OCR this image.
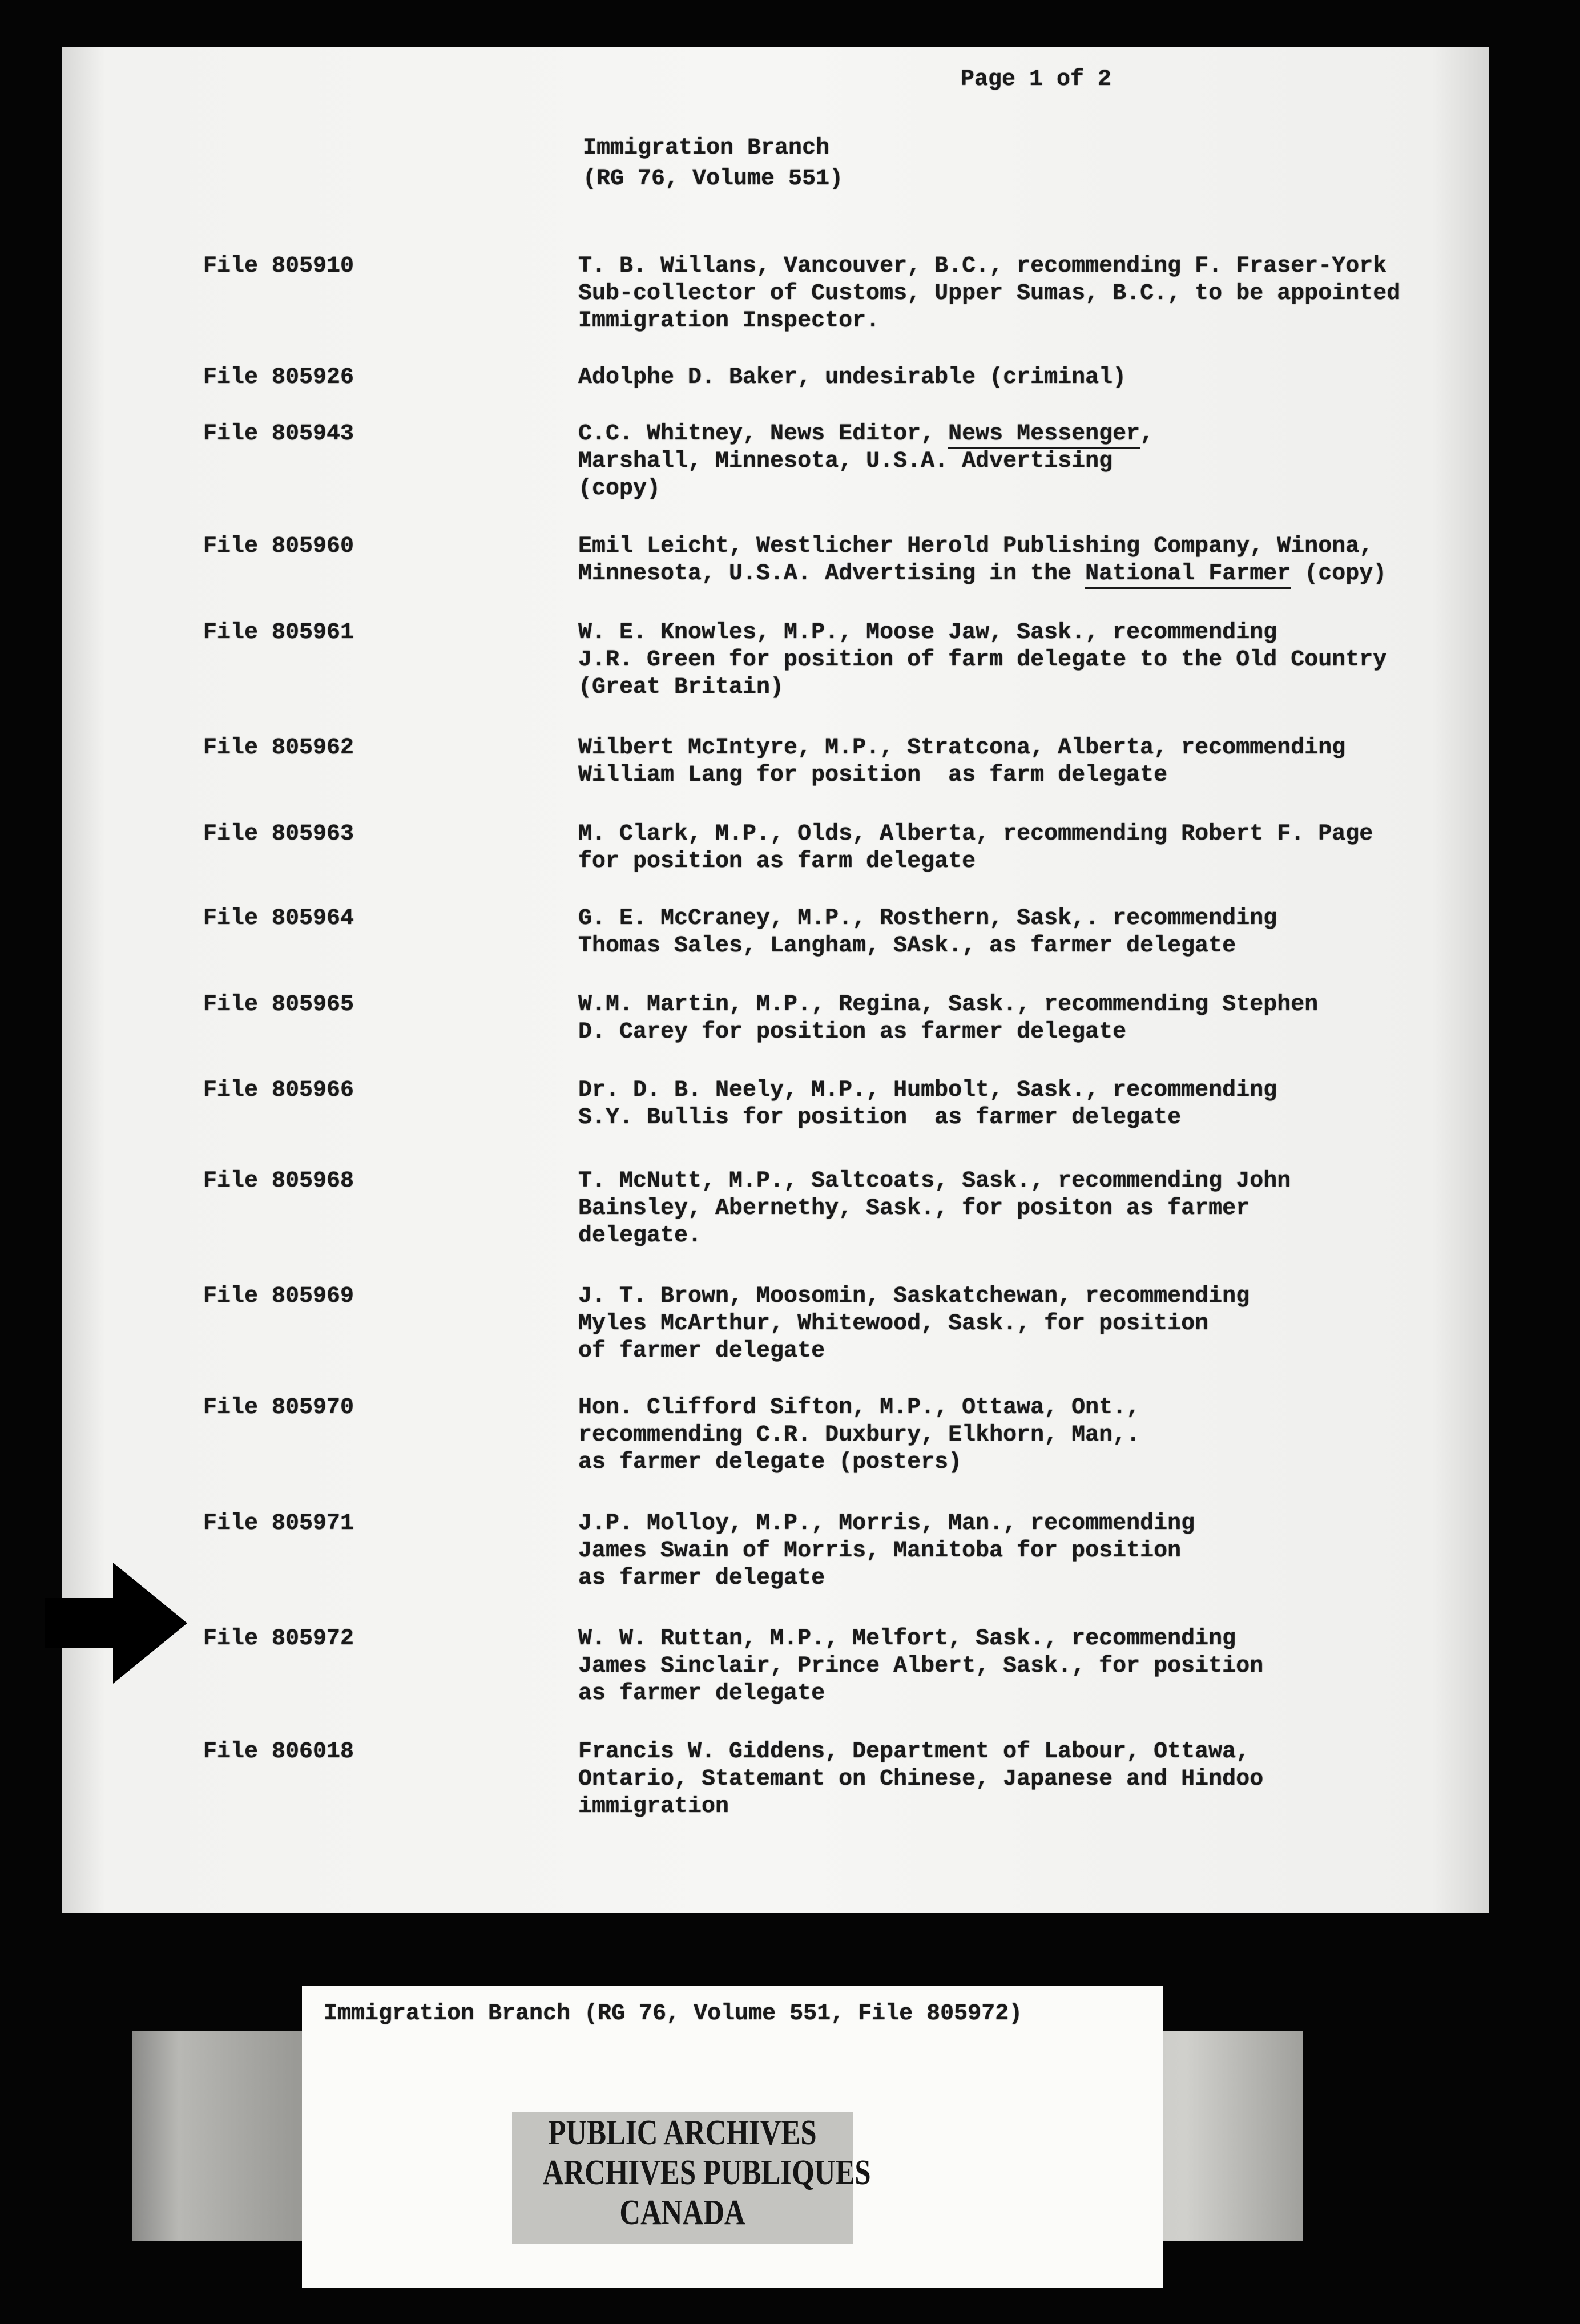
Page 1 of 2
Immigration Branch
(RG 76, Volume 551)
File 805910	T. B. Willans, Vancouver, B.C., recommending F. Fraser-York
Sub-collector of Customs, Upper Sumas, B.C., to be appointed
Immigration Inspector.
File 805926	Adolphe D. Baker, undesirable (criminal)
File 805943	C.C. Whitney, News Editor, News Messenger,
Marshall, Minnesota, U.S.A. Advertising
(copy)
File 805960	Emil Leicht, Westlicher Herold Publishing Company, Winona,
Minnesota, U.S.A. Advertising in the National Farmer (copy)
File 805961	W. E. Knowles, M.P., Moose Jaw, Sask., recommending
J.R. Green for position of farm delegate to the Old Country
(Great Britain)
File 805962	Wilbert McIntyre, M.P., Stratcona, Alberta, recommending
William Lang for position  as farm delegate
File 805963	M. Clark, M.P., Olds, Alberta, recommending Robert F. Page
for position as farm delegate
File 805964	G. E. McCraney, M.P., Rosthern, Sask,. recommending
Thomas Sales, Langham, SAsk., as farmer delegate
File 805965	W.M. Martin, M.P., Regina, Sask., recommending Stephen
D. Carey for position as farmer delegate
File 805966	Dr. D. B. Neely, M.P., Humbolt, Sask., recommending
S.Y. Bullis for position  as farmer delegate
File 805968	T. McNutt, M.P., Saltcoats, Sask., recommending John
Bainsley, Abernethy, Sask., for positon as farmer
delegate.
File 805969	J. T. Brown, Moosomin, Saskatchewan, recommending
Myles McArthur, Whitewood, Sask., for position
of farmer delegate
File 805970	Hon. Clifford Sifton, M.P., Ottawa, Ont.,
recommending C.R. Duxbury, Elkhorn, Man,.
as farmer delegate (posters)
File 805971	J.P. Molloy, M.P., Morris, Man., recommending
James Swain of Morris, Manitoba for position
as farmer delegate
File 805972	W. W. Ruttan, M.P., Melfort, Sask., recommending
James Sinclair, Prince Albert, Sask., for position
as farmer delegate
File 806018	Francis W. Giddens, Department of Labour, Ottawa,
Ontario, Statemant on Chinese, Japanese and Hindoo
immigration
Immigration Branch (RG 76, Volume 551, File 805972)
PUBLIC ARCHIVES
ARCHIVES PUBLIQUES
CANADA
